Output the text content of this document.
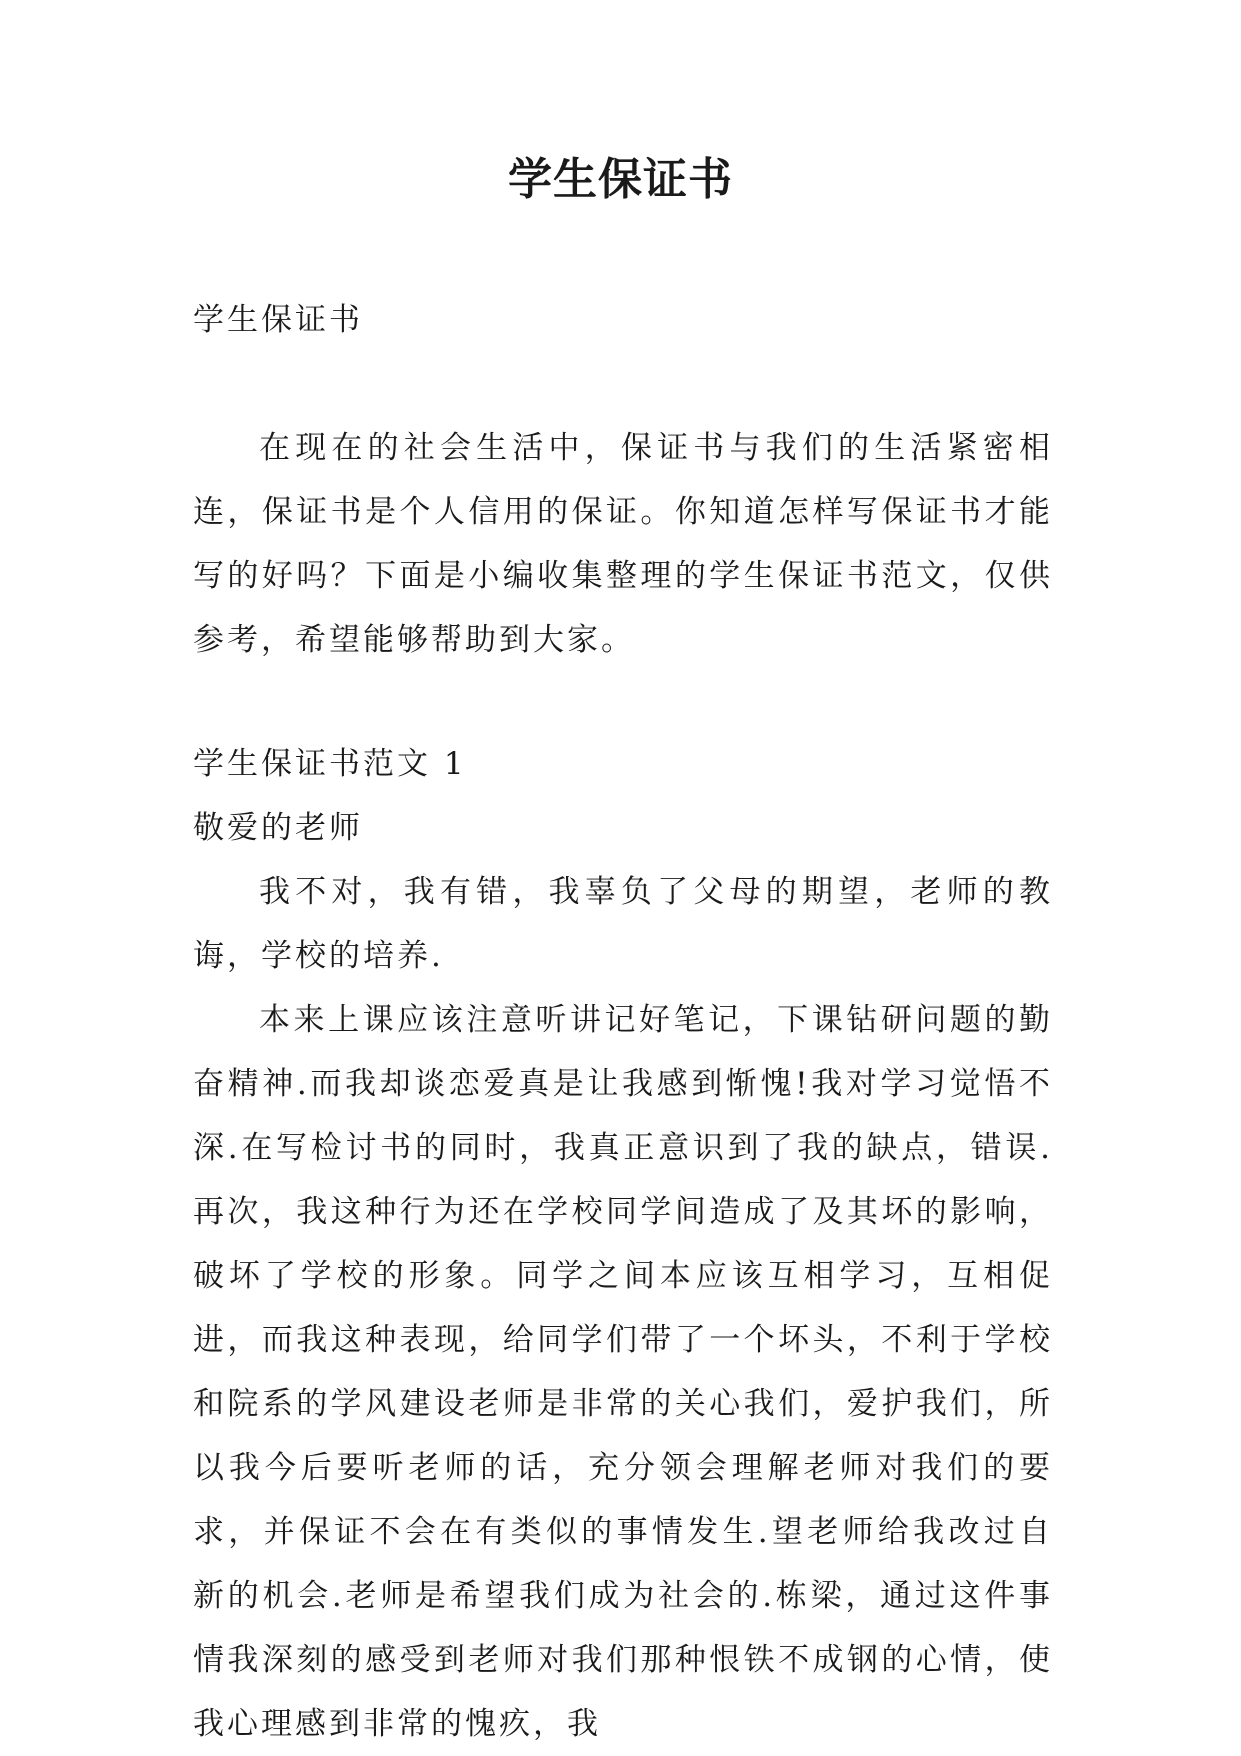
学生保证书

学生保证书

在现在的社会生活中，保证书与我们的生活紧密相连，保证书是个人信用的保证。你知道怎样写保证书才能写的好吗？下面是小编收集整理的学生保证书范文，仅供参考，希望能够帮助到大家。

学生保证书范文 1

敬爱的老师

我不对，我有错，我辜负了父母的期望，老师的教诲，学校的培养.

本来上课应该注意听讲记好笔记，下课钻研问题的勤奋精神.而我却谈恋爱真是让我感到惭愧!我对学习觉悟不深.在写检讨书的同时，我真正意识到了我的缺点，错误.再次，我这种行为还在学校同学间造成了及其坏的影响，破坏了学校的形象。同学之间本应该互相学习，互相促进，而我这种表现，给同学们带了一个坏头，不利于学校和院系的学风建设老师是非常的关心我们，爱护我们，所以我今后要听老师的话，充分领会理解老师对我们的要求，并保证不会在有类似的事情发生.望老师给我改过自新的机会.老师是希望我们成为社会的.栋梁，通过这件事情我深刻的感受到老师对我们那种恨铁不成钢的心情，使我心理感到非常的愧疚，我
